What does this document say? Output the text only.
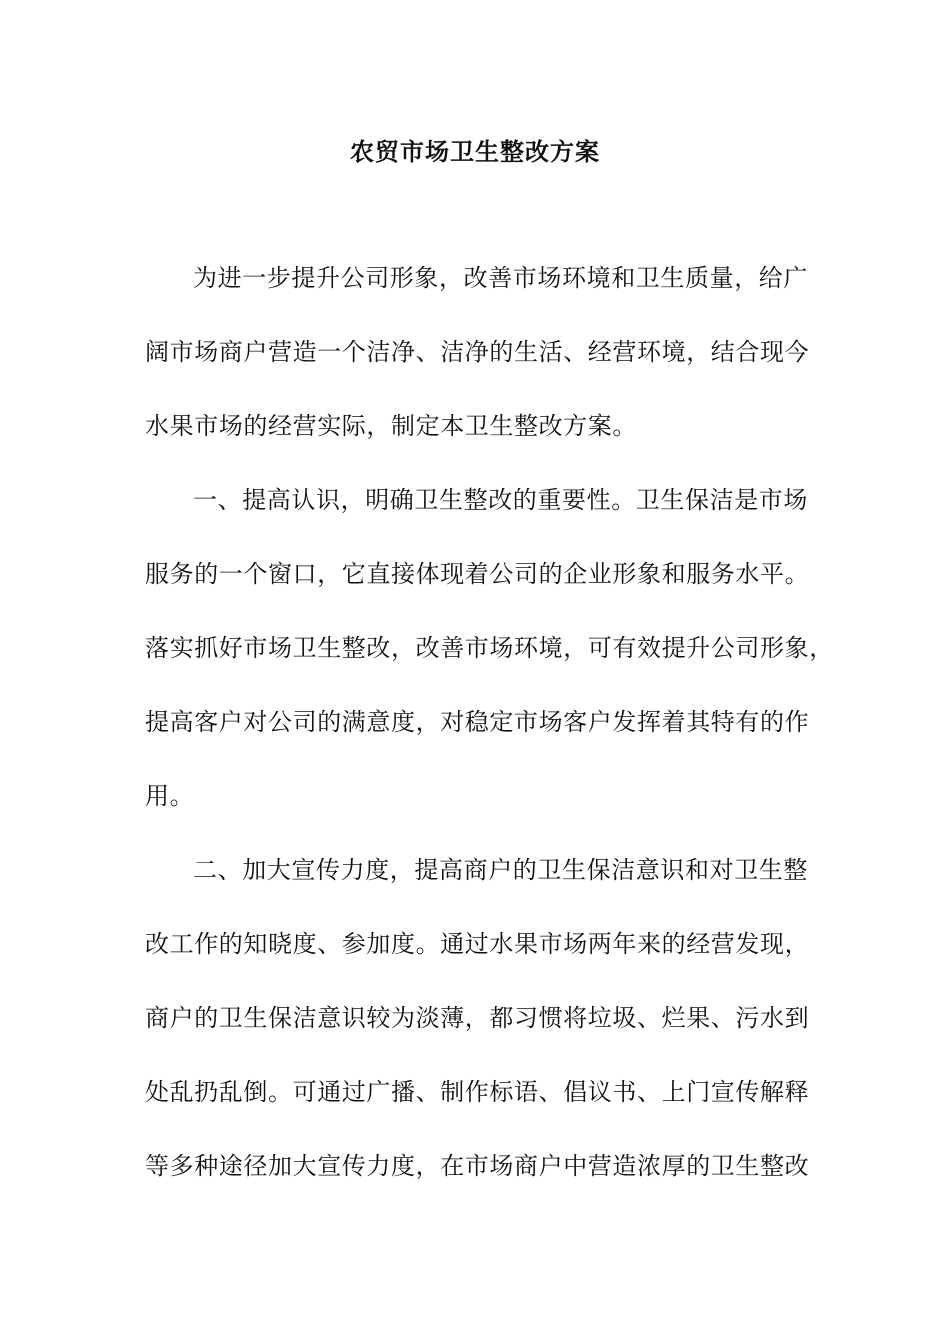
农贸市场卫生整改方案

为进一步提升公司形象，改善市场环境和卫生质量，给广

阔市场商户营造一个洁净、洁净的生活、经营环境，结合现今

水果市场的经营实际，制定本卫生整改方案。

一、提高认识，明确卫生整改的重要性。卫生保洁是市场

服务的一个窗口，它直接体现着公司的企业形象和服务水平。

落实抓好市场卫生整改，改善市场环境，可有效提升公司形象，

提高客户对公司的满意度，对稳定市场客户发挥着其特有的作

用。

二、加大宣传力度，提高商户的卫生保洁意识和对卫生整

改工作的知晓度、参加度。通过水果市场两年来的经营发现，

商户的卫生保洁意识较为淡薄，都习惯将垃圾、烂果、污水到

处乱扔乱倒。可通过广播、制作标语、倡议书、上门宣传解释

等多种途径加大宣传力度，在市场商户中营造浓厚的卫生整改
